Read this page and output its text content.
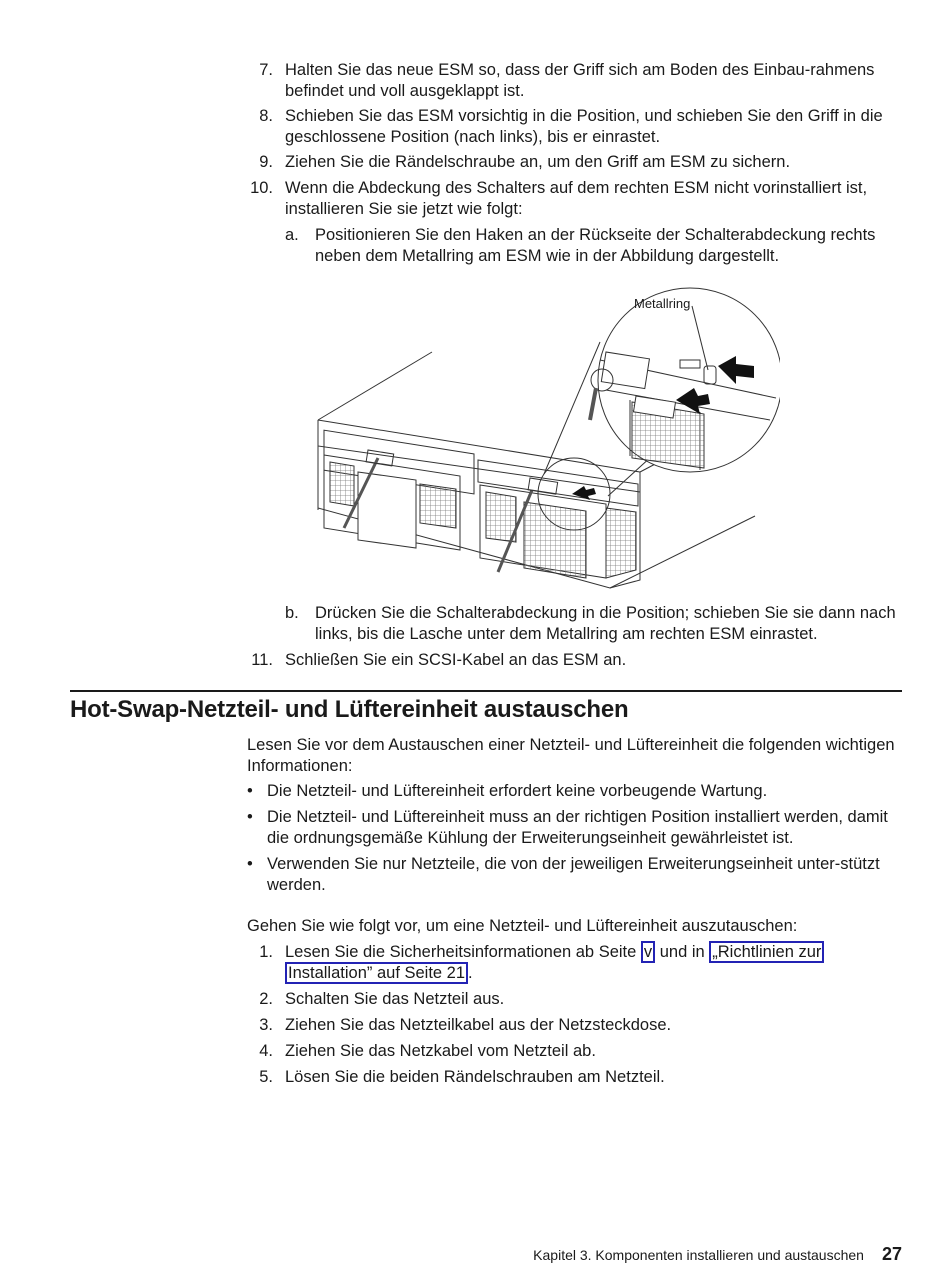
7. Halten Sie das neue ESM so, dass der Griff sich am Boden des Einbau-rahmens befindet und voll ausgeklappt ist.
8. Schieben Sie das ESM vorsichtig in die Position, und schieben Sie den Griff in die geschlossene Position (nach links), bis er einrastet.
9. Ziehen Sie die Rändelschraube an, um den Griff am ESM zu sichern.
10. Wenn die Abdeckung des Schalters auf dem rechten ESM nicht vorinstalliert ist, installieren Sie sie jetzt wie folgt:
a. Positionieren Sie den Haken an der Rückseite der Schalterabdeckung rechts neben dem Metallring am ESM wie in der Abbildung dargestellt.
Metallring
b. Drücken Sie die Schalterabdeckung in die Position; schieben Sie sie dann nach links, bis die Lasche unter dem Metallring am rechten ESM einrastet.
11. Schließen Sie ein SCSI-Kabel an das ESM an.
Hot-Swap-Netzteil- und Lüftereinheit austauschen
Lesen Sie vor dem Austauschen einer Netzteil- und Lüftereinheit die folgenden wichtigen Informationen:
• Die Netzteil- und Lüftereinheit erfordert keine vorbeugende Wartung.
• Die Netzteil- und Lüftereinheit muss an der richtigen Position installiert werden, damit die ordnungsgemäße Kühlung der Erweiterungseinheit gewährleistet ist.
• Verwenden Sie nur Netzteile, die von der jeweiligen Erweiterungseinheit unter-stützt werden.
Gehen Sie wie folgt vor, um eine Netzteil- und Lüftereinheit auszutauschen:
1. Lesen Sie die Sicherheitsinformationen ab Seite v und in „Richtlinien zur
Installation” auf Seite 21 .
2. Schalten Sie das Netzteil aus.
3. Ziehen Sie das Netzteilkabel aus der Netzsteckdose.
4. Ziehen Sie das Netzkabel vom Netzteil ab.
5. Lösen Sie die beiden Rändelschrauben am Netzteil.
Kapitel 3. Komponenten installieren und austauschen 27
